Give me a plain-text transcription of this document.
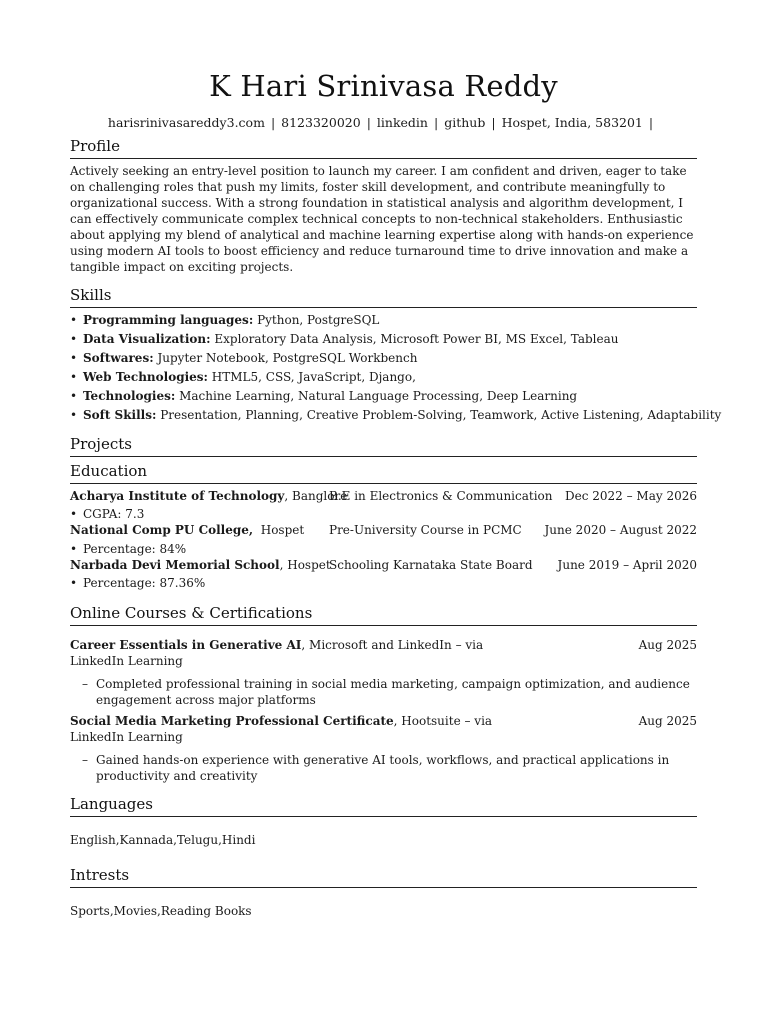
K Hari Srinivasa Reddy
harisrinivasareddy3.com | 8123320020 | linkedin | github | Hospet, India, 583201 |
Profile
Actively seeking an entry-level position to launch my career. I am confident and driven, eager to take on challenging roles that push my limits, foster skill development, and contribute meaningfully to organizational success. With a strong foundation in statistical analysis and algorithm development, I can effectively communicate complex technical concepts to non-technical stakeholders. Enthusiastic about applying my blend of analytical and machine learning expertise along with hands-on experience using modern AI tools to boost efficiency and reduce turnaround time to drive innovation and make a tangible impact on exciting projects.
Skills
• Programming languages: Python, PostgreSQL
• Data Visualization: Exploratory Data Analysis, Microsoft Power BI, MS Excel, Tableau
• Softwares: Jupyter Notebook, PostgreSQL Workbench
• Web Technologies: HTML5, CSS, JavaScript, Django,
• Technologies: Machine Learning, Natural Language Processing, Deep Learning
• Soft Skills: Presentation, Planning, Creative Problem-Solving, Teamwork, Active Listening, Adaptability
Projects
Education
Acharya Institute of Technology, Banglore
B.E in Electronics & Communication Dec 2022 – May 2026
• CGPA: 7.3
National Comp PU College,  Hospet Pre-University Course in PCMC June 2020 – August 2022
• Percentage: 84%
Narbada Devi Memorial School, Hospet
Schooling Karnataka State Board June 2019 – April 2020
• Percentage: 87.36%
Online Courses & Certifications
Career Essentials in Generative AI, Microsoft and LinkedIn – via LinkedIn Learning
Aug 2025
– Completed professional training in social media marketing, campaign optimization, and audience engagement across major platforms
Social Media Marketing Professional Certificate, Hootsuite – via LinkedIn Learning
Aug 2025
– Gained hands-on experience with generative AI tools, workflows, and practical applications in productivity and creativity
Languages
English,Kannada,Telugu,Hindi
Intrests
Sports,Movies,Reading Books
